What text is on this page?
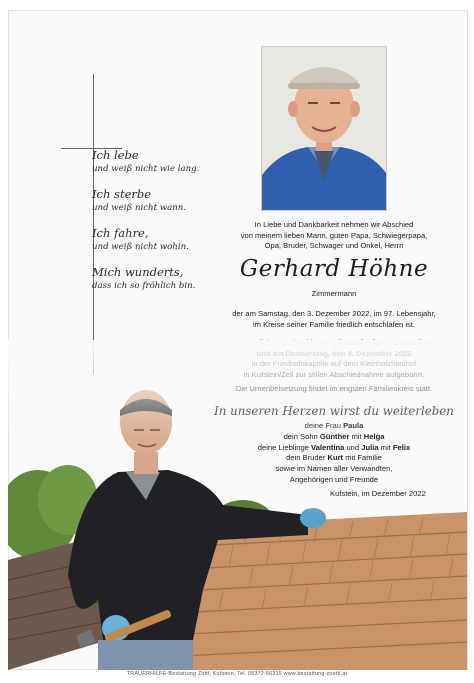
Ich lebe
und weiß nicht wie lang.
Ich sterbe
und weiß nicht wann.
Ich fahre,
und weiß nicht wohin.
Mich wunderts,
dass ich so fröhlich bin.
In Liebe und Dankbarkeit nehmen wir Abschied
von meinem lieben Mann, guten Papa, Schwiegerpapa,
Opa, Bruder, Schwager und Onkel, Herrn
Gerhard Höhne
Zimmermann
der am Samstag, den 3. Dezember 2022, im 97. Lebensjahr,
im Kreise seiner Familie friedlich entschlafen ist.
TRAUERHILFE-Bestattung Zöttl, Kufstein, Tel. 05372-66315 www.bestattung-zoettl.at
